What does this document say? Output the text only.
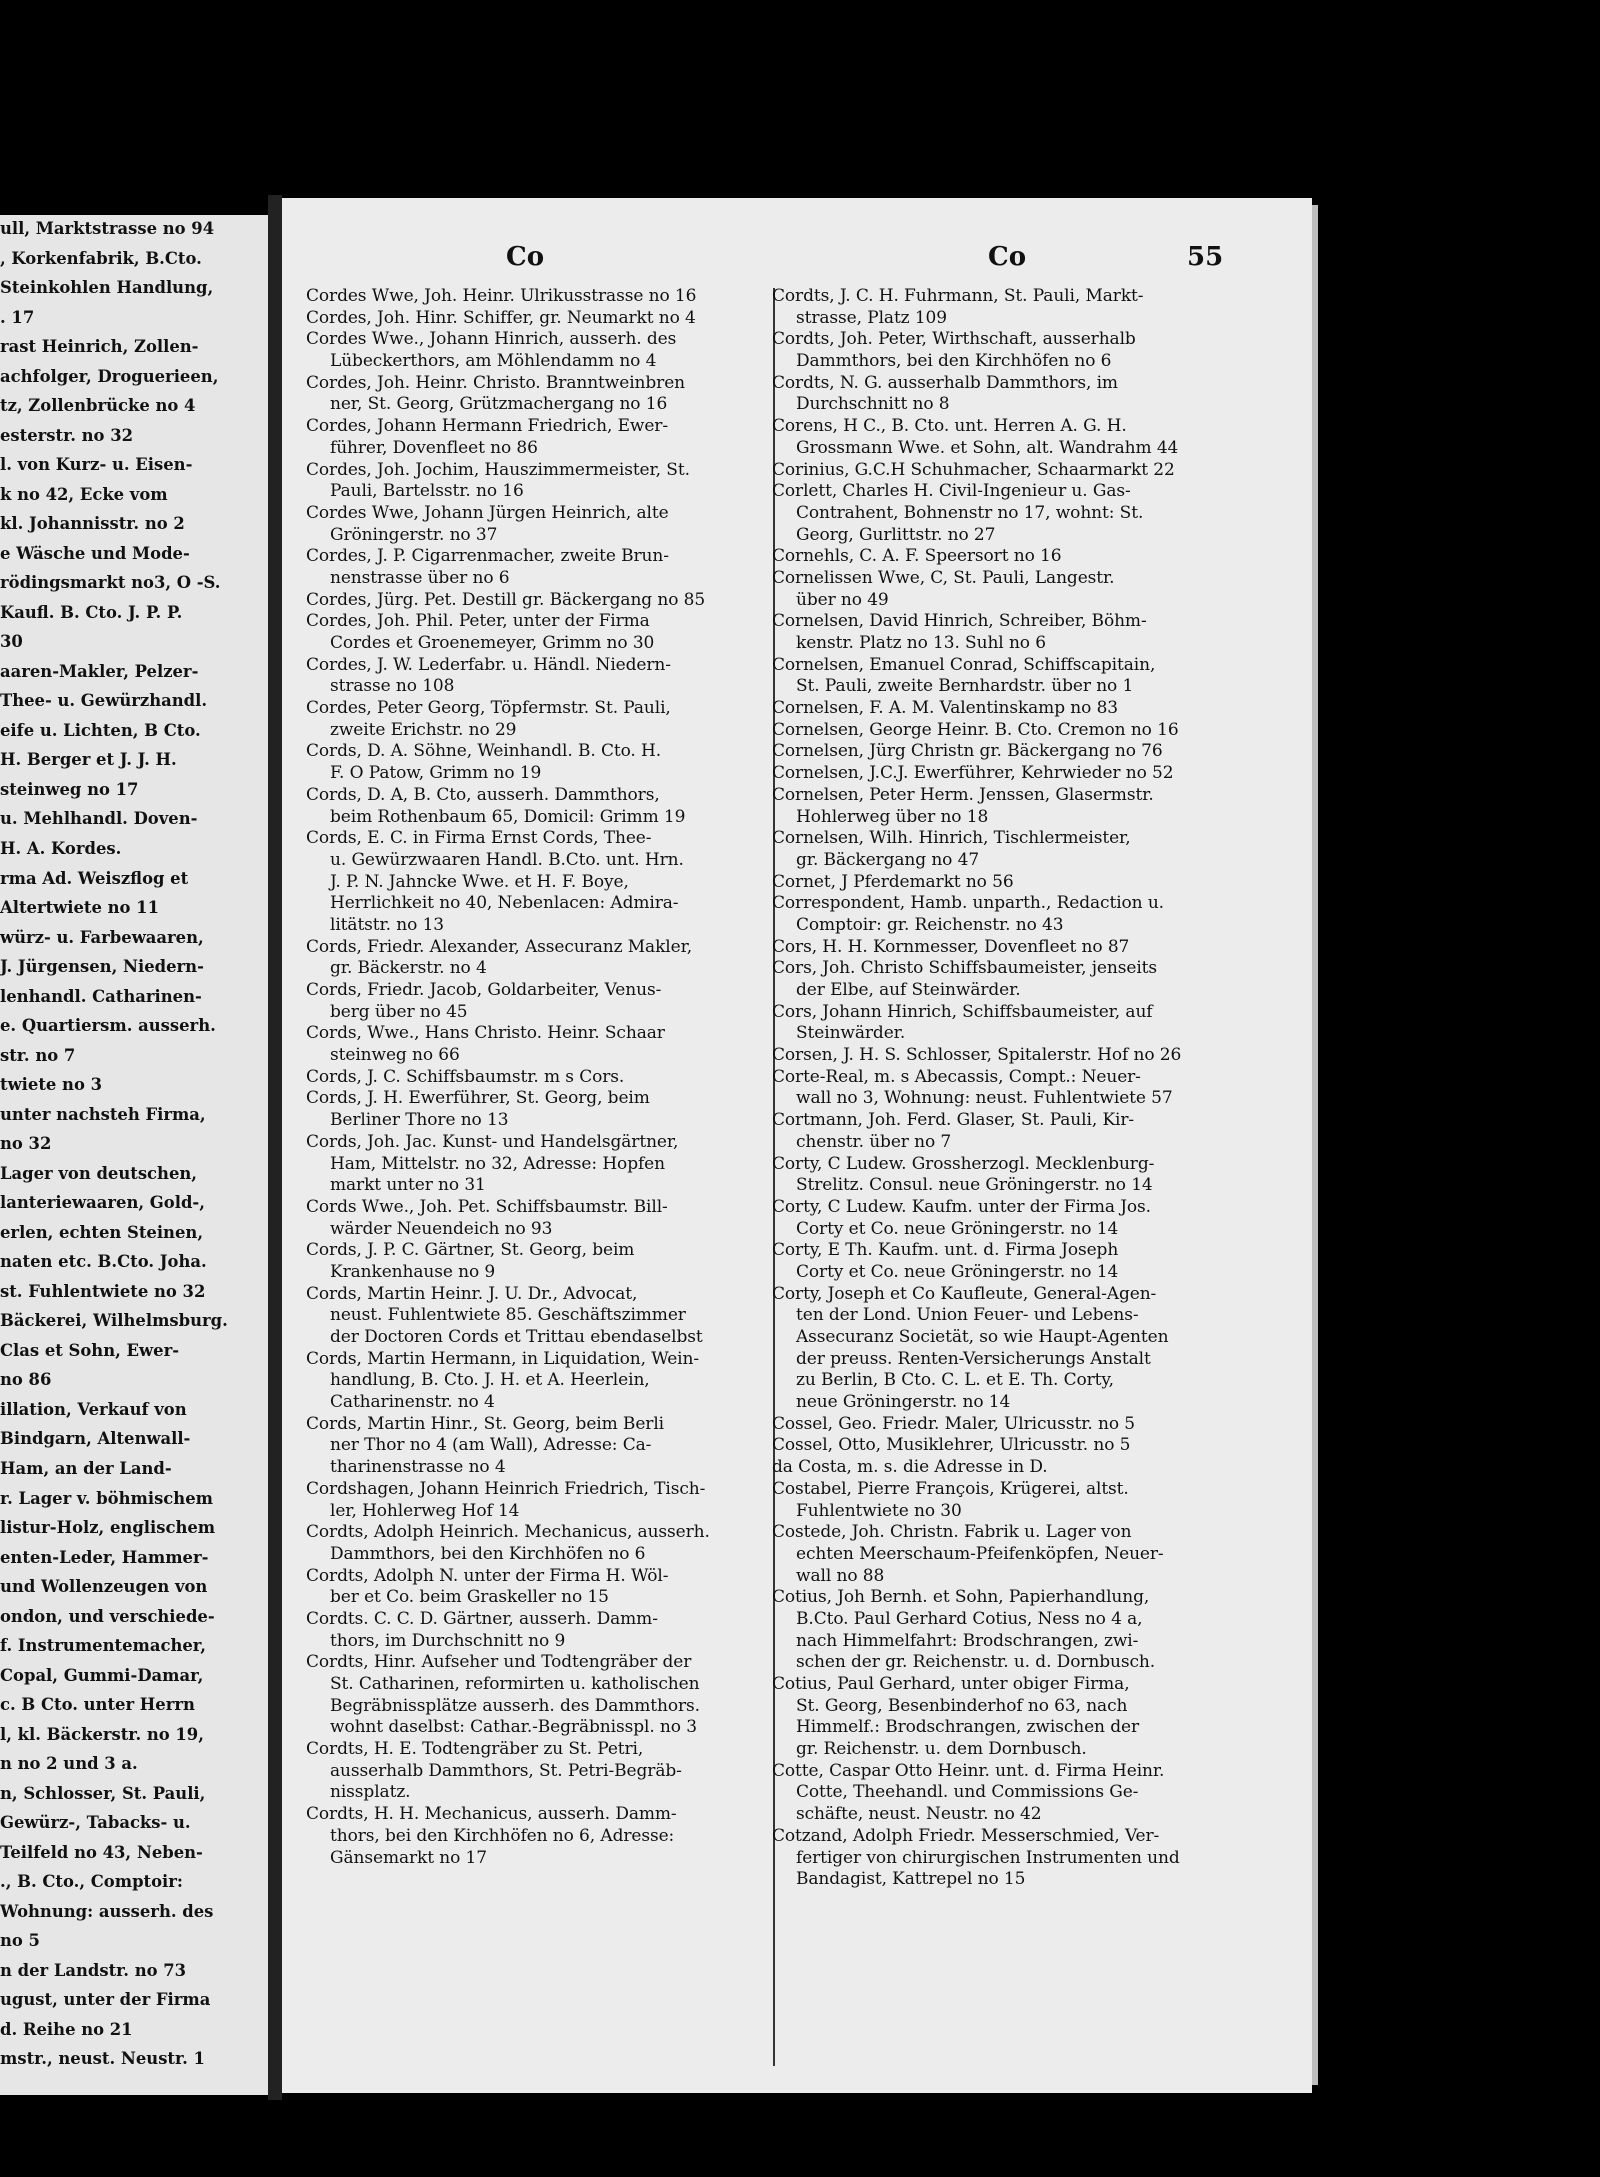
ull, Marktstrasse no 94
, Korkenfabrik, B.Cto.
Steinkohlen Handlung,
. 17
rast Heinrich, Zollen-
achfolger, Droguerieen,
tz, Zollenbrücke no 4
esterstr. no 32
l. von Kurz- u. Eisen-
k no 42, Ecke vom
kl. Johannisstr. no 2
e Wäsche und Mode-
rödingsmarkt no3, O -S.
Kaufl. B. Cto. J. P. P.
30
aaren-Makler, Pelzer-
Thee- u. Gewürzhandl.
eife u. Lichten, B Cto.
H. Berger et J. J. H.
steinweg no 17
u. Mehlhandl. Doven-
H. A. Kordes.
rma Ad. Weiszflog et
Altertwiete no 11
würz- u. Farbewaaren,
J. Jürgensen, Niedern-
lenhandl. Catharinen-
e. Quartiersm. ausserh.
str. no 7
twiete no 3
unter nachsteh Firma,
no 32
Lager von deutschen,
lanteriewaaren, Gold-,
erlen, echten Steinen,
naten etc. B.Cto. Joha.
st. Fuhlentwiete no 32
Bäckerei, Wilhelmsburg.
Clas et Sohn, Ewer-
no 86
illation, Verkauf von
Bindgarn, Altenwall-
Ham, an der Land-
r. Lager v. böhmischem
listur-Holz, englischem
enten-Leder, Hammer-
und Wollenzeugen von
ondon, und verschiede-
f. Instrumentemacher,
Copal, Gummi-Damar,
c. B Cto. unter Herrn
l, kl. Bäckerstr. no 19,
n no 2 und 3 a.
n, Schlosser, St. Pauli,
Gewürz-, Tabacks- u.
Teilfeld no 43, Neben-
., B. Cto., Comptoir:
Wohnung: ausserh. des
no 5
n der Landstr. no 73
ugust, unter der Firma
d. Reihe no 21
mstr., neust. Neustr. 1
Co	Co	55
Cordes Wwe, Joh. Heinr. Ulrikusstrasse no 16
Cordes, Joh. Hinr. Schiffer, gr. Neumarkt no 4
Cordes Wwe., Johann Hinrich, ausserh. des
Lübeckerthors, am Möhlendamm no 4
Cordes, Joh. Heinr. Christo. Branntweinbren
ner, St. Georg, Grützmachergang no 16
Cordes, Johann Hermann Friedrich, Ewer-
führer, Dovenfleet no 86
Cordes, Joh. Jochim, Hauszimmermeister, St.
Pauli, Bartelsstr. no 16
Cordes Wwe, Johann Jürgen Heinrich, alte
Gröningerstr. no 37
Cordes, J. P. Cigarrenmacher, zweite Brun-
nenstrasse über no 6
Cordes, Jürg. Pet. Destill gr. Bäckergang no 85
Cordes, Joh. Phil. Peter, unter der Firma
Cordes et Groenemeyer, Grimm no 30
Cordes, J. W. Lederfabr. u. Händl. Niedern-
strasse no 108
Cordes, Peter Georg, Töpfermstr. St. Pauli,
zweite Erichstr. no 29
Cords, D. A. Söhne, Weinhandl. B. Cto. H.
F. O Patow, Grimm no 19
Cords, D. A, B. Cto, ausserh. Dammthors,
beim Rothenbaum 65, Domicil: Grimm 19
Cords, E. C. in Firma Ernst Cords, Thee-
u. Gewürzwaaren Handl. B.Cto. unt. Hrn.
J. P. N. Jahncke Wwe. et H. F. Boye,
Herrlichkeit no 40, Nebenlacen: Admira-
litätstr. no 13
Cords, Friedr. Alexander, Assecuranz Makler,
gr. Bäckerstr. no 4
Cords, Friedr. Jacob, Goldarbeiter, Venus-
berg über no 45
Cords, Wwe., Hans Christo. Heinr. Schaar
steinweg no 66
Cords, J. C. Schiffsbaumstr. m s Cors.
Cords, J. H. Ewerführer, St. Georg, beim
Berliner Thore no 13
Cords, Joh. Jac. Kunst- und Handelsgärtner,
Ham, Mittelstr. no 32, Adresse: Hopfen
markt unter no 31
Cords Wwe., Joh. Pet. Schiffsbaumstr. Bill-
wärder Neuendeich no 93
Cords, J. P. C. Gärtner, St. Georg, beim
Krankenhause no 9
Cords, Martin Heinr. J. U. Dr., Advocat,
neust. Fuhlentwiete 85. Geschäftszimmer
der Doctoren Cords et Trittau ebendaselbst
Cords, Martin Hermann, in Liquidation, Wein-
handlung, B. Cto. J. H. et A. Heerlein,
Catharinenstr. no 4
Cords, Martin Hinr., St. Georg, beim Berli
ner Thor no 4 (am Wall), Adresse: Ca-
tharinenstrasse no 4
Cordshagen, Johann Heinrich Friedrich, Tisch-
ler, Hohlerweg Hof 14
Cordts, Adolph Heinrich. Mechanicus, ausserh.
Dammthors, bei den Kirchhöfen no 6
Cordts, Adolph N. unter der Firma H. Wöl-
ber et Co. beim Graskeller no 15
Cordts. C. C. D. Gärtner, ausserh. Damm-
thors, im Durchschnitt no 9
Cordts, Hinr. Aufseher und Todtengräber der
St. Catharinen, reformirten u. katholischen
Begräbnissplätze ausserh. des Dammthors.
wohnt daselbst: Cathar.-Begräbnisspl. no 3
Cordts, H. E. Todtengräber zu St. Petri,
ausserhalb Dammthors, St. Petri-Begräb-
nissplatz.
Cordts, H. H. Mechanicus, ausserh. Damm-
thors, bei den Kirchhöfen no 6, Adresse:
Gänsemarkt no 17
Cordts, J. C. H. Fuhrmann, St. Pauli, Markt-
strasse, Platz 109
Cordts, Joh. Peter, Wirthschaft, ausserhalb
Dammthors, bei den Kirchhöfen no 6
Cordts, N. G. ausserhalb Dammthors, im
Durchschnitt no 8
Corens, H C., B. Cto. unt. Herren A. G. H.
Grossmann Wwe. et Sohn, alt. Wandrahm 44
Corinius, G.C.H Schuhmacher, Schaarmarkt 22
Corlett, Charles H. Civil-Ingenieur u. Gas-
Contrahent, Bohnenstr no 17, wohnt: St.
Georg, Gurlittstr. no 27
Cornehls, C. A. F. Speersort no 16
Cornelissen Wwe, C, St. Pauli, Langestr.
über no 49
Cornelsen, David Hinrich, Schreiber, Böhm-
kenstr. Platz no 13. Suhl no 6
Cornelsen, Emanuel Conrad, Schiffscapitain,
St. Pauli, zweite Bernhardstr. über no 1
Cornelsen, F. A. M. Valentinskamp no 83
Cornelsen, George Heinr. B. Cto. Cremon no 16
Cornelsen, Jürg Christn gr. Bäckergang no 76
Cornelsen, J.C.J. Ewerführer, Kehrwieder no 52
Cornelsen, Peter Herm. Jenssen, Glasermstr.
Hohlerweg über no 18
Cornelsen, Wilh. Hinrich, Tischlermeister,
gr. Bäckergang no 47
Cornet, J Pferdemarkt no 56
Correspondent, Hamb. unparth., Redaction u.
Comptoir: gr. Reichenstr. no 43
Cors, H. H. Kornmesser, Dovenfleet no 87
Cors, Joh. Christo Schiffsbaumeister, jenseits
der Elbe, auf Steinwärder.
Cors, Johann Hinrich, Schiffsbaumeister, auf
Steinwärder.
Corsen, J. H. S. Schlosser, Spitalerstr. Hof no 26
Corte-Real, m. s Abecassis, Compt.: Neuer-
wall no 3, Wohnung: neust. Fuhlentwiete 57
Cortmann, Joh. Ferd. Glaser, St. Pauli, Kir-
chenstr. über no 7
Corty, C Ludew. Grossherzogl. Mecklenburg-
Strelitz. Consul. neue Gröningerstr. no 14
Corty, C Ludew. Kaufm. unter der Firma Jos.
Corty et Co. neue Gröningerstr. no 14
Corty, E Th. Kaufm. unt. d. Firma Joseph
Corty et Co. neue Gröningerstr. no 14
Corty, Joseph et Co Kaufleute, General-Agen-
ten der Lond. Union Feuer- und Lebens-
Assecuranz Societät, so wie Haupt-Agenten
der preuss. Renten-Versicherungs Anstalt
zu Berlin, B Cto. C. L. et E. Th. Corty,
neue Gröningerstr. no 14
Cossel, Geo. Friedr. Maler, Ulricusstr. no 5
Cossel, Otto, Musiklehrer, Ulricusstr. no 5
da Costa, m. s. die Adresse in D.
Costabel, Pierre François, Krügerei, altst.
Fuhlentwiete no 30
Costede, Joh. Christn. Fabrik u. Lager von
echten Meerschaum-Pfeifenköpfen, Neuer-
wall no 88
Cotius, Joh Bernh. et Sohn, Papierhandlung,
B.Cto. Paul Gerhard Cotius, Ness no 4 a,
nach Himmelfahrt: Brodschrangen, zwi-
schen der gr. Reichenstr. u. d. Dornbusch.
Cotius, Paul Gerhard, unter obiger Firma,
St. Georg, Besenbinderhof no 63, nach
Himmelf.: Brodschrangen, zwischen der
gr. Reichenstr. u. dem Dornbusch.
Cotte, Caspar Otto Heinr. unt. d. Firma Heinr.
Cotte, Theehandl. und Commissions Ge-
schäfte, neust. Neustr. no 42
Cotzand, Adolph Friedr. Messerschmied, Ver-
fertiger von chirurgischen Instrumenten und
Bandagist, Kattrepel no 15
